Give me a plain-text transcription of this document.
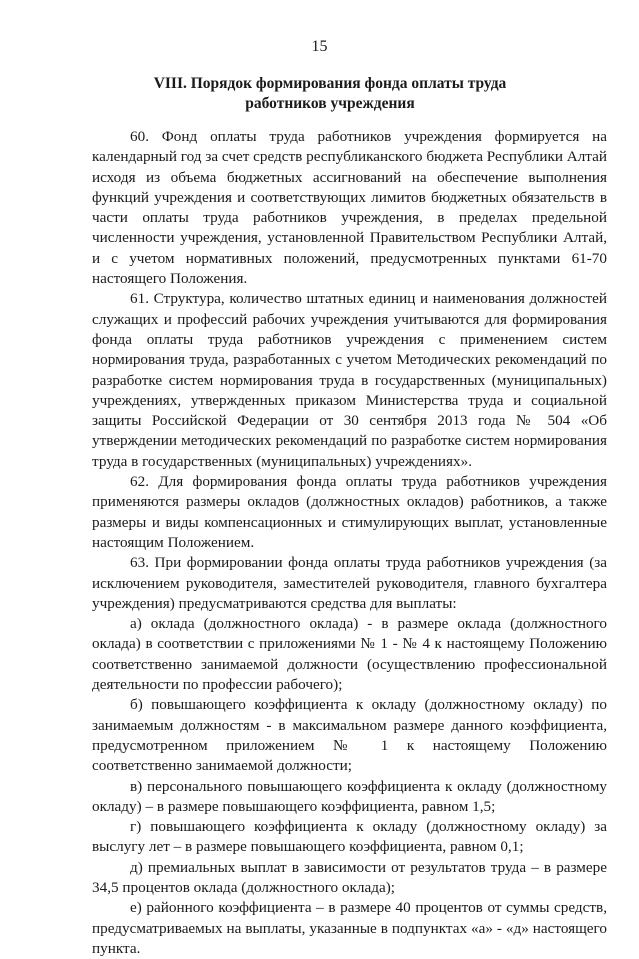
15
VIII. Порядок формирования фонда оплаты труда работников учреждения

60. Фонд оплаты труда работников учреждения формируется на календарный год за счет средств республиканского бюджета Республики Алтай исходя из объема бюджетных ассигнований на обеспечение выполнения функций учреждения и соответствующих лимитов бюджетных обязательств в части оплаты труда работников учреждения, в пределах предельной численности учреждения, установленной Правительством Республики Алтай, и с учетом нормативных положений, предусмотренных пунктами 61-70 настоящего Положения.

61. Структура, количество штатных единиц и наименования должностей служащих и профессий рабочих учреждения учитываются для формирования фонда оплаты труда работников учреждения с применением систем нормирования труда, разработанных с учетом Методических рекомендаций по разработке систем нормирования труда в государственных (муниципальных) учреждениях, утвержденных приказом Министерства труда и социальной защиты Российской Федерации от 30 сентября 2013 года № 504 «Об утверждении методических рекомендаций по разработке систем нормирования труда в государственных (муниципальных) учреждениях».

62. Для формирования фонда оплаты труда работников учреждения применяются размеры окладов (должностных окладов) работников, а также размеры и виды компенсационных и стимулирующих выплат, установленные настоящим Положением.

63. При формировании фонда оплаты труда работников учреждения (за исключением руководителя, заместителей руководителя, главного бухгалтера учреждения) предусматриваются средства для выплаты:

а) оклада (должностного оклада) - в размере оклада (должностного оклада) в соответствии с приложениями № 1 - № 4 к настоящему Положению соответственно занимаемой должности (осуществлению профессиональной деятельности по профессии рабочего);

б) повышающего коэффициента к окладу (должностному окладу) по занимаемым должностям - в максимальном размере данного коэффициента, предусмотренном приложением № 1 к настоящему Положению соответственно занимаемой должности;

в) персонального повышающего коэффициента к окладу (должностному окладу) – в размере повышающего коэффициента, равном 1,5;

г) повышающего коэффициента к окладу (должностному окладу) за выслугу лет – в размере повышающего коэффициента, равном 0,1;

д) премиальных выплат в зависимости от результатов труда – в размере 34,5 процентов оклада (должностного оклада);

е) районного коэффициента – в размере 40 процентов от суммы средств, предусматриваемых на выплаты, указанные в подпунктах «а» - «д» настоящего пункта.
